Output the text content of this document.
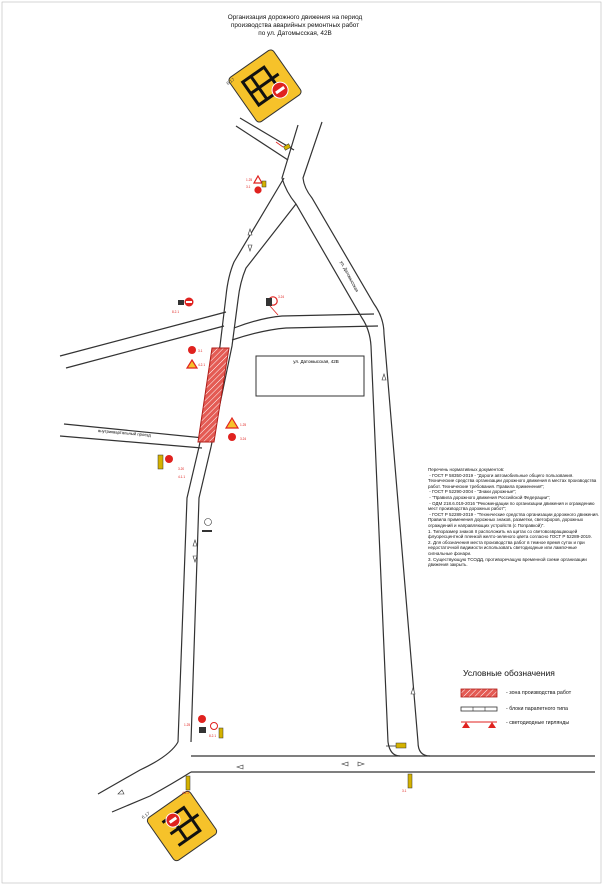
ул. Датомысская, 42В
ул. Датомысская
внутриквартальный проезд
6.17
6.17
1.25
3.1
8.2.1
3.24
3.1
4.2.1
1.25
3.24
3.20
4.1.1
8.2.1
1.25
3.1
4.2.2
Организация дорожного движения на период
производства аварийных ремонтных работ
по ул. Датомысская, 42В
Перечень нормативных документов:
- ГОСТ Р 58350-2019 - "Дороги автомобильные общего пользования. Технические средства организации дорожного движения в местах производства работ. Технические требования. Правила применения";
- ГОСТ Р 52290-2004 - "Знаки дорожные";
- "Правила дорожного движения Российской Федерации";
- ОДМ 218.6.019-2016 "Рекомендации по организации движения и ограждению мест производства дорожных работ";
- ГОСТ Р 52289-2019 - "Технические средства организации дорожного движения. Правила применения дорожных знаков, разметки, светофоров, дорожных ограждений и направляющих устройств (с Поправкой)".
1. Типоразмер знаков II расположить на щитах со световозвращающей флуоресцентной пленкой желто-зеленого цвета согласно ГОСТ Р 52289-2019.
2. Для обозначения места производства работ в темное время суток и при недостаточной видимости использовать светодиодные или лампочные сигнальные фонари.
3. Существующую ТСОДД, противоречащую временной схеме организации движения закрыть.
Условные обозначения
- зона производства работ
- блоки парапетного типа
- светодиодные гирлянды
